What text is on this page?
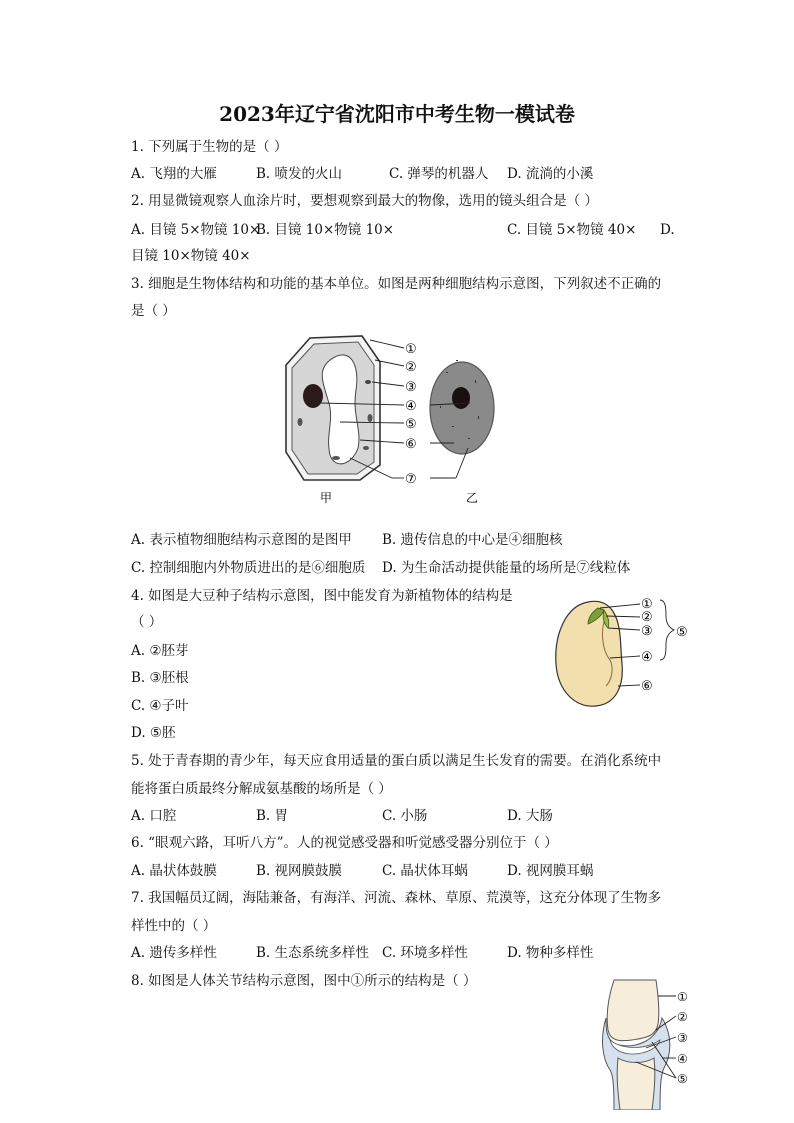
2023年辽宁省沈阳市中考生物一模试卷
1. 下列属于生物的是（ ）
A. 飞翔的大雁	B. 喷发的火山	C. 弹琴的机器人 D. 流淌的小溪
2. 用显微镜观察人血涂片时，要想观察到最大的物像，选用的镜头组合是（ ）
A. 目镜 5×物镜 10×
B. 目镜 10×物镜 10×	C. 目镜 5×物镜 40× D.
目镜 10×物镜 40×
3. 细胞是生物体结构和功能的基本单位。如图是两种细胞结构示意图，下列叙述不正确的
是（ ）
①
②
③
④
⑤
⑥
⑦
甲	乙
A. 表示植物细胞结构示意图的是图甲 B. 遗传信息的中心是④细胞核
C. 控制细胞内外物质进出的是⑥细胞质 D. 为生命活动提供能量的场所是⑦线粒体
4. 如图是大豆种子结构示意图，图中能发育为新植物体的结构是
（ ）
A. ②胚芽
B. ③胚根
C. ④子叶
D. ⑤胚
①
②
③
④
⑤
⑥
5. 处于青春期的青少年，每天应食用适量的蛋白质以满足生长发育的需要。在消化系统中
能将蛋白质最终分解成氨基酸的场所是（ ）
A. 口腔	B. 胃	C. 小肠	D. 大肠
6. “眼观六路，耳听八方”。人的视觉感受器和听觉感受器分别位于（ ）
A. 晶状体鼓膜	B. 视网膜鼓膜	C. 晶状体耳蜗	D. 视网膜耳蜗
7. 我国幅员辽阔，海陆兼备，有海洋、河流、森林、草原、荒漠等，这充分体现了生物多
样性中的（ ）
A. 遗传多样性	B. 生态系统多样性 C. 环境多样性	D. 物种多样性
8. 如图是人体关节结构示意图，图中①所示的结构是（ ）
①
②
③
④
⑤
